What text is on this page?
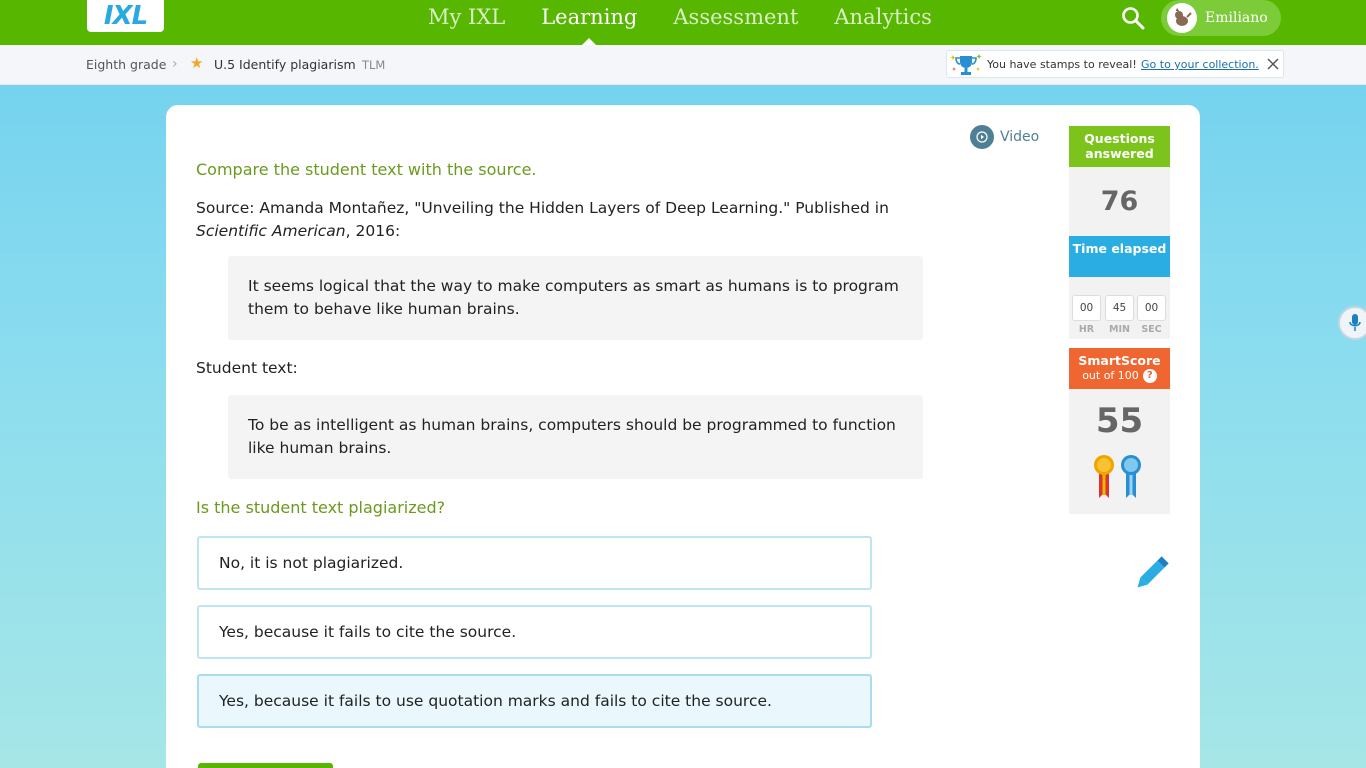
IXL	My IXL	Learning	Assessment	Analytics	Emiliano
Eighth grade › ★ U.5 Identify plagiarism TLM	You have stamps to reveal! Go to your collection.
Video
Compare the student text with the source.
Source: Amanda Montañez, "Unveiling the Hidden Layers of Deep Learning." Published in Scientific American, 2016:
It seems logical that the way to make computers as smart as humans is to program them to behave like human brains.
Student text:
To be as intelligent as human brains, computers should be programmed to function like human brains.
Is the student text plagiarized?
No, it is not plagiarized.
Yes, because it fails to cite the source.
Yes, because it fails to use quotation marks and fails to cite the source.
Questions answered
76
Time elapsed
00	45	00
HR	MIN	SEC
SmartScore
out of 100 ?
55
